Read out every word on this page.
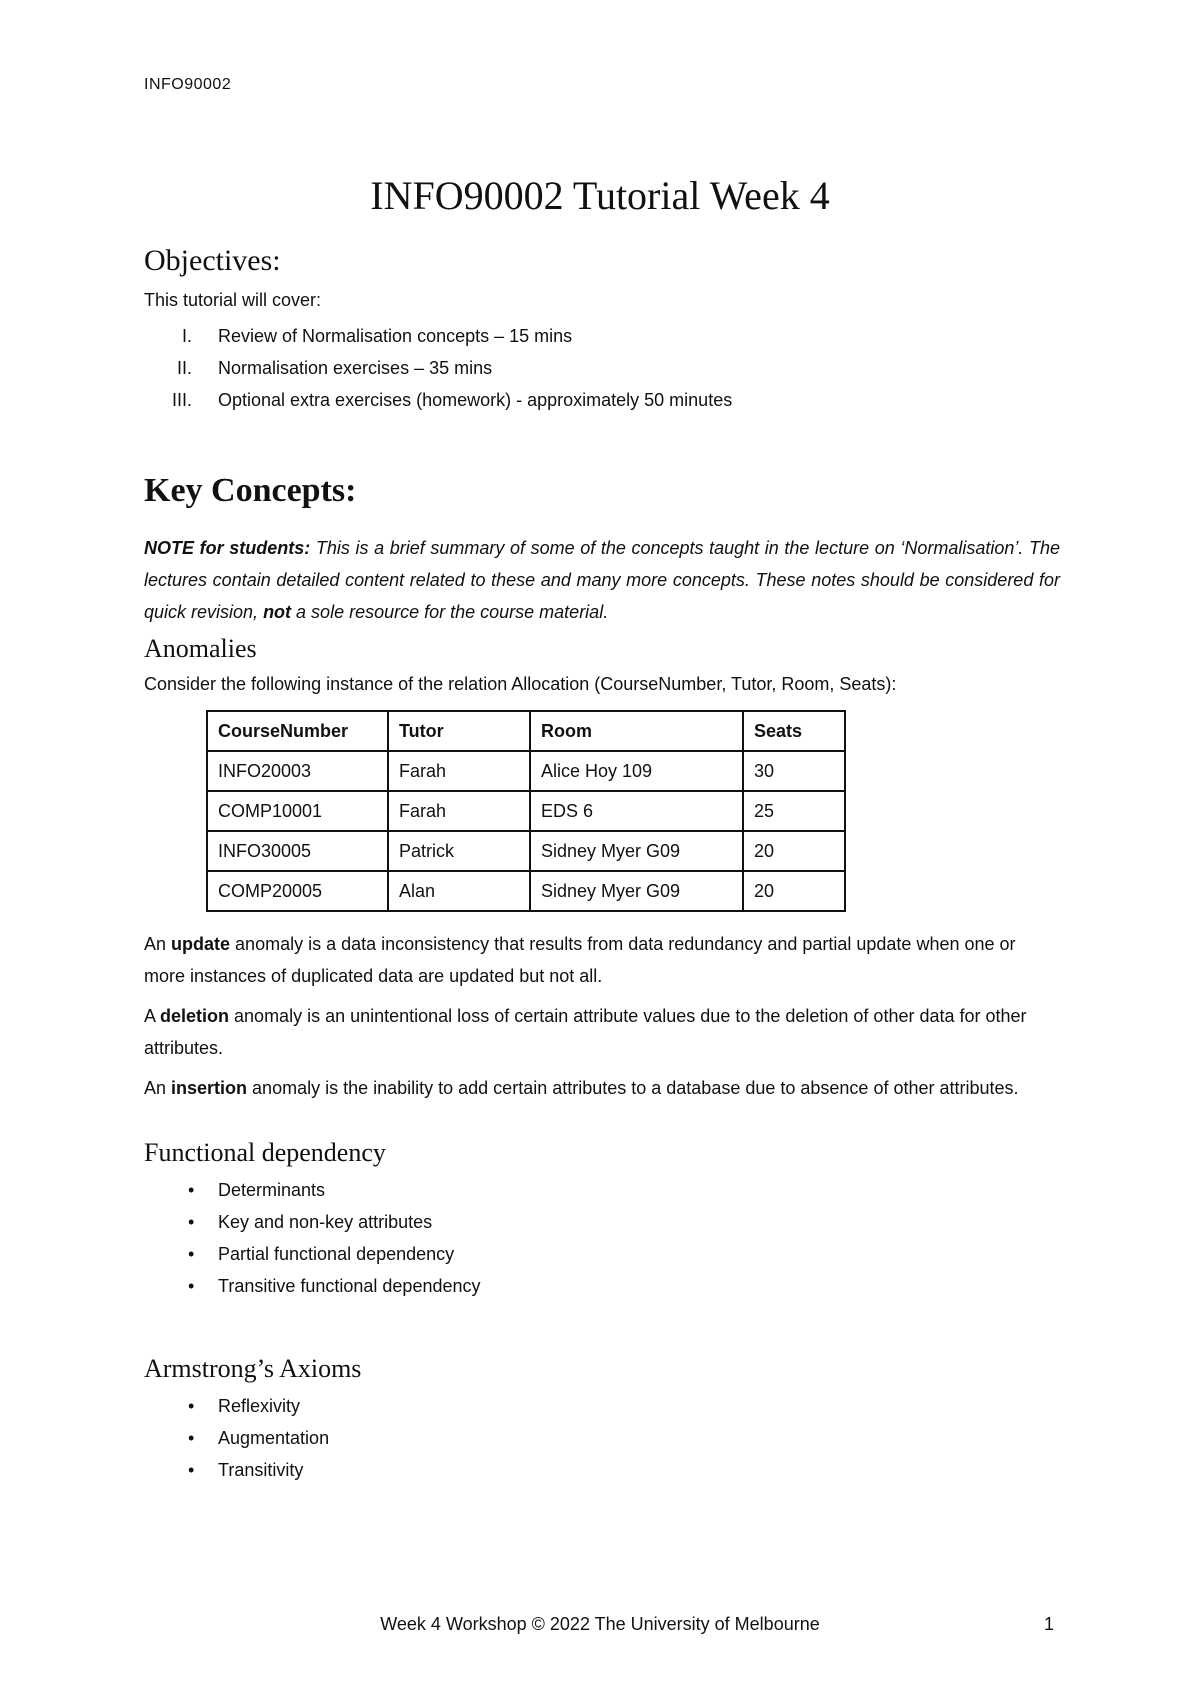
INFO90002
INFO90002 Tutorial Week 4
Objectives:
This tutorial will cover:
I. Review of Normalisation concepts – 15 mins
II. Normalisation exercises – 35 mins
III. Optional extra exercises (homework) - approximately 50 minutes
Key Concepts:

NOTE for students: This is a brief summary of some of the concepts taught in the lecture on ‘Normalisation’. The lectures contain detailed content related to these and many more concepts. These notes should be considered for quick revision, not a sole resource for the course material.

Anomalies
Consider the following instance of the relation Allocation (CourseNumber, Tutor, Room, Seats):
CourseNumber	Tutor	Room	Seats
INFO20003	Farah	Alice Hoy 109	30
COMP10001	Farah	EDS 6	25
INFO30005	Patrick	Sidney Myer G09	20
COMP20005	Alan	Sidney Myer G09	20

An update anomaly is a data inconsistency that results from data redundancy and partial update when one or more instances of duplicated data are updated but not all.

A deletion anomaly is an unintentional loss of certain attribute values due to the deletion of other data for other attributes.

An insertion anomaly is the inability to add certain attributes to a database due to absence of other attributes.

Functional dependency
• Determinants
• Key and non-key attributes
• Partial functional dependency
• Transitive functional dependency
Armstrong’s Axioms
• Reflexivity
• Augmentation
• Transitivity
Week 4 Workshop © 2022 The University of Melbourne	1
